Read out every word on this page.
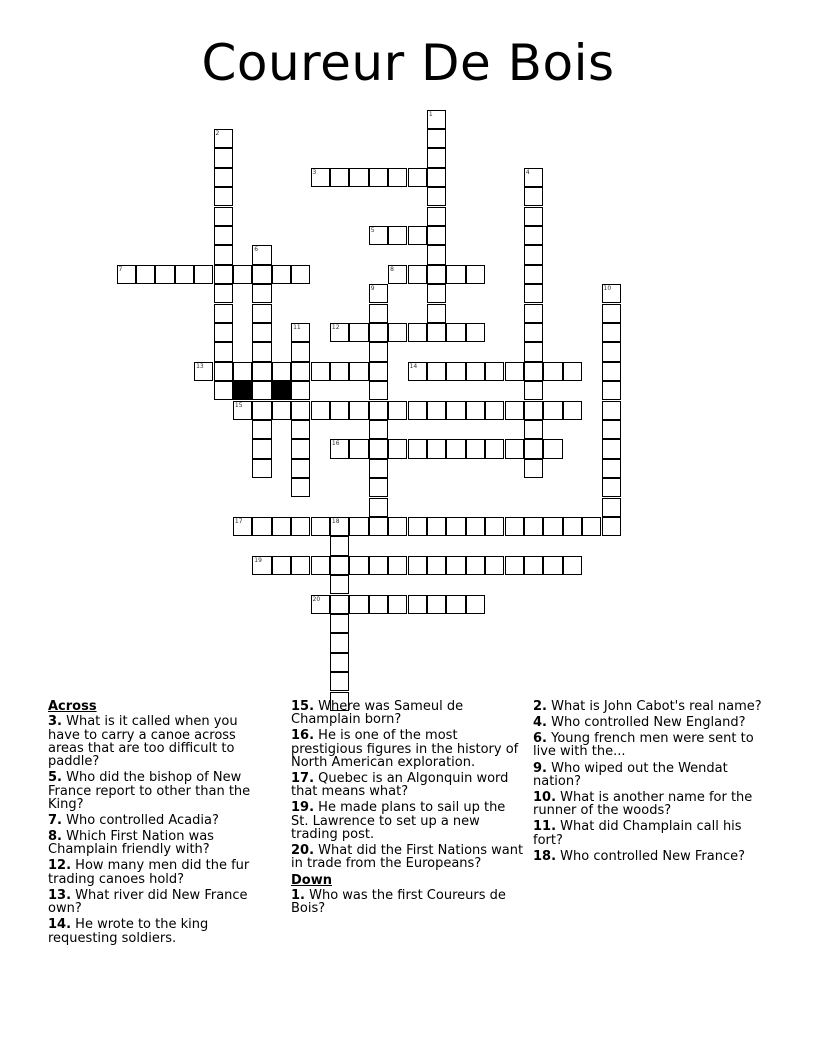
Coureur De Bois
1
2
3	4
5
6
7	8
9	10
11	12
13	14
15
16
17	18
19
20
Across
3. What is it called when you have to carry a canoe across areas that are too difficult to paddle?
5. Who did the bishop of New France report to other than the King?
7. Who controlled Acadia?
8. Which First Nation was Champlain friendly with?
12. How many men did the fur trading canoes hold?
13. What river did New France own?
14. He wrote to the king requesting soldiers.
15. Where was Sameul de Champlain born?
16. He is one of the most prestigious figures in the history of North American exploration.
17. Quebec is an Algonquin word that means what?
19. He made plans to sail up the St. Lawrence to set up a new trading post.
20. What did the First Nations want in trade from the Europeans?
Down
1. Who was the first Coureurs de Bois?
2. What is John Cabot's real name?
4. Who controlled New England?
6. Young french men were sent to live with the...
9. Who wiped out the Wendat nation?
10. What is another name for the runner of the woods?
11. What did Champlain call his fort?
18. Who controlled New France?
